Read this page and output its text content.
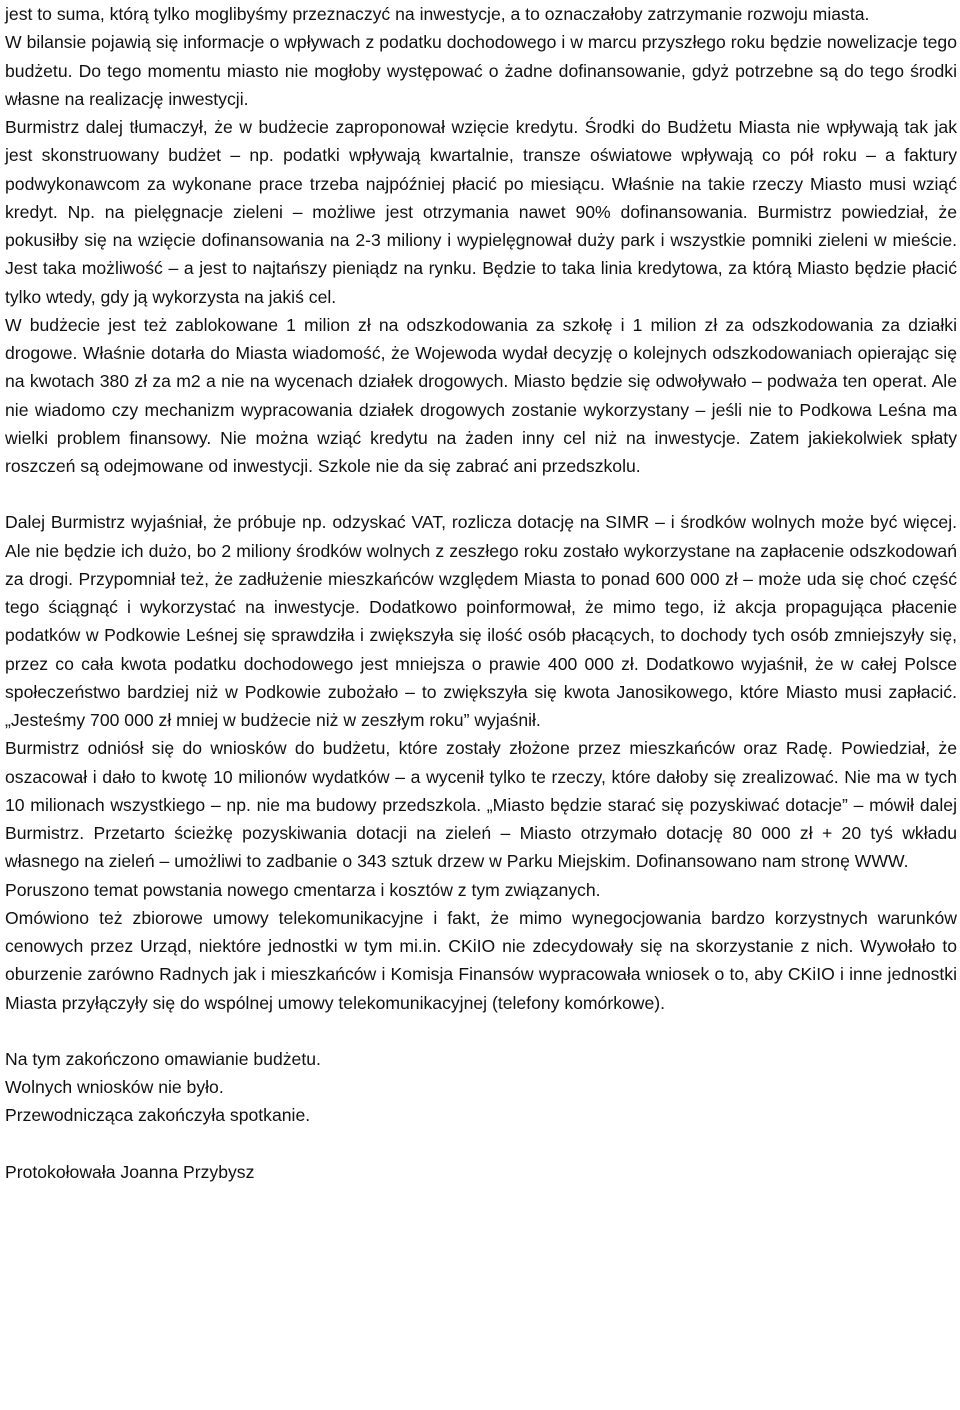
jest to suma, którą tylko moglibyśmy przeznaczyć na inwestycje, a to oznaczałoby zatrzymanie rozwoju miasta.

W bilansie pojawią się informacje o wpływach z podatku dochodowego i w marcu przyszłego roku będzie nowelizacje tego budżetu. Do tego momentu miasto nie mogłoby występować o żadne dofinansowanie, gdyż potrzebne są do tego środki własne na realizację inwestycji.

Burmistrz dalej tłumaczył, że w budżecie zaproponował wzięcie kredytu. Środki do Budżetu Miasta nie wpływają tak jak jest skonstruowany budżet – np. podatki wpływają kwartalnie, transze oświatowe wpływają co pół roku – a faktury podwykonawcom za wykonane prace trzeba najpóźniej płacić po miesiącu. Właśnie na takie rzeczy Miasto musi wziąć kredyt. Np. na pielęgnacje zieleni – możliwe jest otrzymania nawet 90% dofinansowania. Burmistrz powiedział, że pokusiłby się na wzięcie dofinansowania na 2-3 miliony i wypielęgnował duży park i wszystkie pomniki zieleni w mieście. Jest taka możliwość – a jest to najtańszy pieniądz na rynku. Będzie to taka linia kredytowa, za którą Miasto będzie płacić tylko wtedy, gdy ją wykorzysta na jakiś cel.

W budżecie jest też zablokowane 1 milion zł na odszkodowania za szkołę i 1 milion zł za odszkodowania za działki drogowe. Właśnie dotarła do Miasta wiadomość, że Wojewoda wydał decyzję o kolejnych odszkodowaniach opierając się na kwotach 380 zł za m2 a nie na wycenach działek drogowych. Miasto będzie się odwoływało – podważa ten operat. Ale nie wiadomo czy mechanizm wypracowania działek drogowych zostanie wykorzystany – jeśli nie to Podkowa Leśna ma wielki problem finansowy. Nie można wziąć kredytu na żaden inny cel niż na inwestycje. Zatem jakiekolwiek spłaty roszczeń są odejmowane od inwestycji. Szkole nie da się zabrać ani przedszkolu.

Dalej Burmistrz wyjaśniał, że próbuje np. odzyskać VAT, rozlicza dotację na SIMR – i środków wolnych może być więcej. Ale nie będzie ich dużo, bo 2 miliony środków wolnych z zeszłego roku zostało wykorzystane na zapłacenie odszkodowań za drogi. Przypomniał też, że zadłużenie mieszkańców względem Miasta to ponad 600 000 zł – może uda się choć część tego ściągnąć i wykorzystać na inwestycje. Dodatkowo poinformował, że mimo tego, iż akcja propagująca płacenie podatków w Podkowie Leśnej się sprawdziła i zwiększyła się ilość osób płacących, to dochody tych osób zmniejszyły się, przez co cała kwota podatku dochodowego jest mniejsza o prawie 400 000 zł. Dodatkowo wyjaśnił, że w całej Polsce społeczeństwo bardziej niż w Podkowie zubożało – to zwiększyła się kwota Janosikowego, które Miasto musi zapłacić. „Jesteśmy 700 000 zł mniej w budżecie niż w zeszłym roku” wyjaśnił.

Burmistrz odniósł się do wniosków do budżetu, które zostały złożone przez mieszkańców oraz Radę. Powiedział, że oszacował i dało to kwotę 10 milionów wydatków – a wycenił tylko te rzeczy, które dałoby się zrealizować. Nie ma w tych 10 milionach wszystkiego – np. nie ma budowy przedszkola. „Miasto będzie starać się pozyskiwać dotacje” – mówił dalej Burmistrz. Przetarto ścieżkę pozyskiwania dotacji na zieleń – Miasto otrzymało dotację 80 000 zł + 20 tyś wkładu własnego na zieleń – umożliwi to zadbanie o 343 sztuk drzew w Parku Miejskim. Dofinansowano nam stronę WWW.

Poruszono temat powstania nowego cmentarza i kosztów z tym związanych.

Omówiono też zbiorowe umowy telekomunikacyjne i fakt, że mimo wynegocjowania bardzo korzystnych warunków cenowych przez Urząd, niektóre jednostki w tym mi.in. CKiIO nie zdecydowały się na skorzystanie z nich. Wywołało to oburzenie zarówno Radnych jak i mieszkańców i Komisja Finansów wypracowała wniosek o to, aby CKiIO i inne jednostki Miasta przyłączyły się do wspólnej umowy telekomunikacyjnej (telefony komórkowe).

Na tym zakończono omawianie budżetu.

Wolnych wniosków nie było.

Przewodnicząca zakończyła spotkanie.

Protokołowała Joanna Przybysz
